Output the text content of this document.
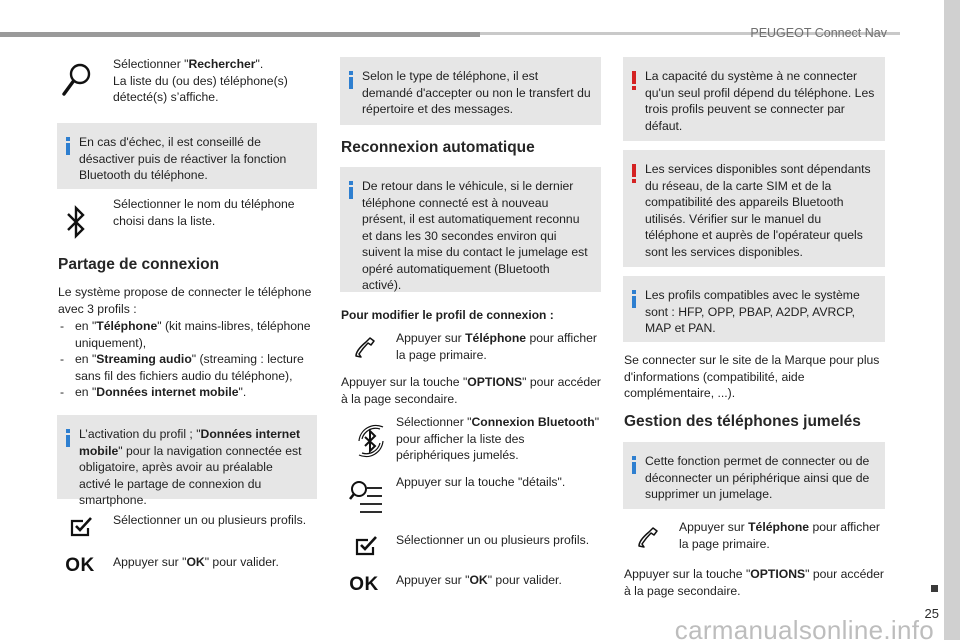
PEUGEOT Connect Nav
25
carmanualsonline.info
Sélectionner "Rechercher".
La liste du (ou des) téléphone(s) détecté(s) s’affiche.

En cas d'échec, il est conseillé de désactiver puis de réactiver la fonction Bluetooth du téléphone.

Sélectionner le nom du téléphone choisi dans la liste.
Partage de connexion
Le système propose de connecter le téléphone avec 3 profils :
- en "Téléphone" (kit mains-libres, téléphone uniquement),
- en "Streaming audio" (streaming : lecture sans fil des fichiers audio du téléphone),
- en "Données internet mobile".

L’activation du profil ; "Données internet mobile" pour la navigation connectée est obligatoire, après avoir au préalable activé le partage de connexion du smartphone.

Sélectionner un ou plusieurs profils.
OK	Appuyer sur "OK" pour valider.

Selon le type de téléphone, il est demandé d'accepter ou non le transfert du répertoire et des messages.

Reconnexion automatique

De retour dans le véhicule, si le dernier téléphone connecté est à nouveau présent, il est automatiquement reconnu et dans les 30 secondes environ qui suivent la mise du contact le jumelage est opéré automatiquement (Bluetooth activé).

Pour modifier le profil de connexion :
Appuyer sur Téléphone pour afficher la page primaire.
Appuyer sur la touche "OPTIONS" pour accéder à la page secondaire.
Sélectionner "Connexion Bluetooth" pour afficher la liste des périphériques jumelés.
Appuyer sur la touche "détails".
Sélectionner un ou plusieurs profils.
OK	Appuyer sur "OK" pour valider.

La capacité du système à ne connecter qu'un seul profil dépend du téléphone. Les trois profils peuvent se connecter par défaut.

Les services disponibles sont dépendants du réseau, de la carte SIM et de la compatibilité des appareils Bluetooth utilisés. Vérifier sur le manuel du téléphone et auprès de l'opérateur quels sont les services disponibles.

Les profils compatibles avec le système sont : HFP, OPP, PBAP, A2DP, AVRCP, MAP et PAN.

Se connecter sur le site de la Marque pour plus d'informations (compatibilité, aide complémentaire, ...).
Gestion des téléphones jumelés

Cette fonction permet de connecter ou de déconnecter un périphérique ainsi que de supprimer un jumelage.

Appuyer sur Téléphone pour afficher la page primaire.
Appuyer sur la touche "OPTIONS" pour accéder à la page secondaire.
